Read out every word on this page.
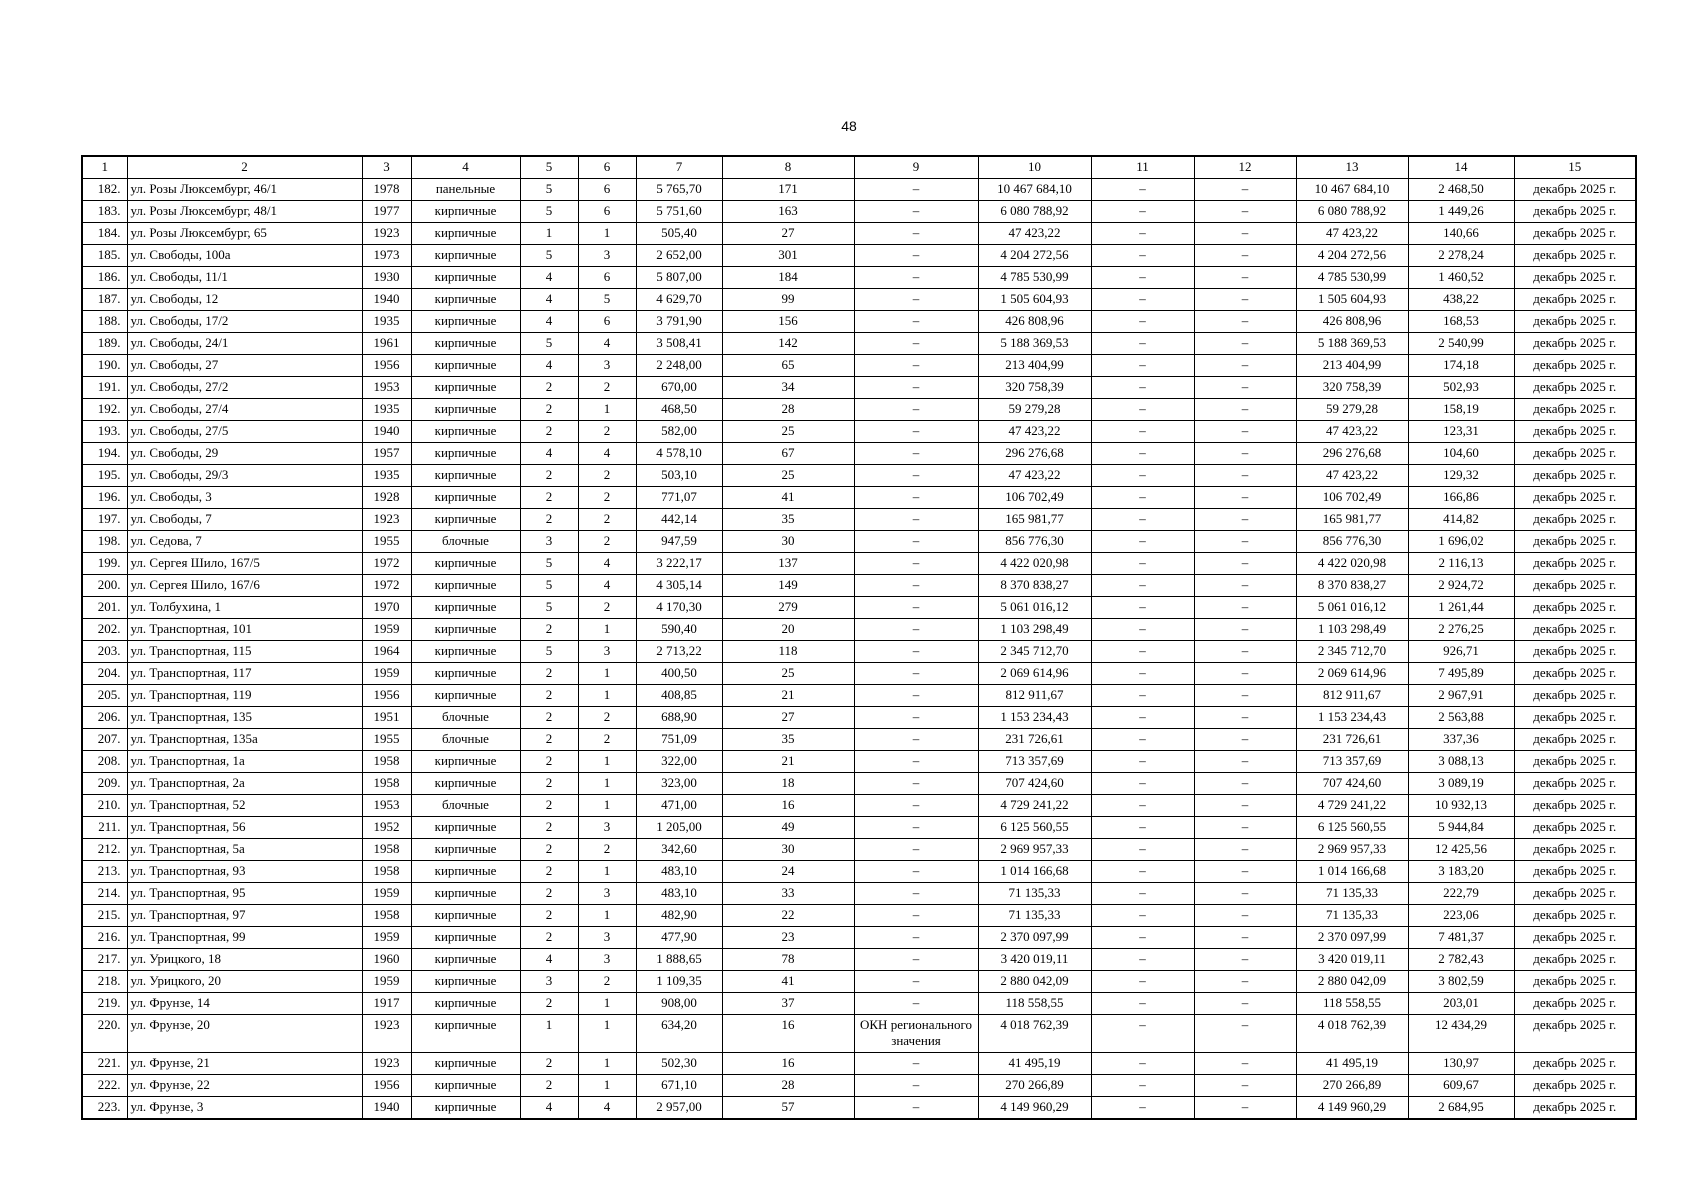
48
1	2	3	4	5	6	7	8	9	10	11	12	13	14	15
182.	ул. Розы Люксембург, 46/1	1978	панельные	5	6	5 765,70	171	–	10 467 684,10	–	–	10 467 684,10	2 468,50	декабрь 2025 г.
183.	ул. Розы Люксембург, 48/1	1977	кирпичные	5	6	5 751,60	163	–	6 080 788,92	–	–	6 080 788,92	1 449,26	декабрь 2025 г.
184.	ул. Розы Люксембург, 65	1923	кирпичные	1	1	505,40	27	–	47 423,22	–	–	47 423,22	140,66	декабрь 2025 г.
185.	ул. Свободы, 100а	1973	кирпичные	5	3	2 652,00	301	–	4 204 272,56	–	–	4 204 272,56	2 278,24	декабрь 2025 г.
186.	ул. Свободы, 11/1	1930	кирпичные	4	6	5 807,00	184	–	4 785 530,99	–	–	4 785 530,99	1 460,52	декабрь 2025 г.
187.	ул. Свободы, 12	1940	кирпичные	4	5	4 629,70	99	–	1 505 604,93	–	–	1 505 604,93	438,22	декабрь 2025 г.
188.	ул. Свободы, 17/2	1935	кирпичные	4	6	3 791,90	156	–	426 808,96	–	–	426 808,96	168,53	декабрь 2025 г.
189.	ул. Свободы, 24/1	1961	кирпичные	5	4	3 508,41	142	–	5 188 369,53	–	–	5 188 369,53	2 540,99	декабрь 2025 г.
190.	ул. Свободы, 27	1956	кирпичные	4	3	2 248,00	65	–	213 404,99	–	–	213 404,99	174,18	декабрь 2025 г.
191.	ул. Свободы, 27/2	1953	кирпичные	2	2	670,00	34	–	320 758,39	–	–	320 758,39	502,93	декабрь 2025 г.
192.	ул. Свободы, 27/4	1935	кирпичные	2	1	468,50	28	–	59 279,28	–	–	59 279,28	158,19	декабрь 2025 г.
193.	ул. Свободы, 27/5	1940	кирпичные	2	2	582,00	25	–	47 423,22	–	–	47 423,22	123,31	декабрь 2025 г.
194.	ул. Свободы, 29	1957	кирпичные	4	4	4 578,10	67	–	296 276,68	–	–	296 276,68	104,60	декабрь 2025 г.
195.	ул. Свободы, 29/3	1935	кирпичные	2	2	503,10	25	–	47 423,22	–	–	47 423,22	129,32	декабрь 2025 г.
196.	ул. Свободы, 3	1928	кирпичные	2	2	771,07	41	–	106 702,49	–	–	106 702,49	166,86	декабрь 2025 г.
197.	ул. Свободы, 7	1923	кирпичные	2	2	442,14	35	–	165 981,77	–	–	165 981,77	414,82	декабрь 2025 г.
198.	ул. Седова, 7	1955	блочные	3	2	947,59	30	–	856 776,30	–	–	856 776,30	1 696,02	декабрь 2025 г.
199.	ул. Сергея Шило, 167/5	1972	кирпичные	5	4	3 222,17	137	–	4 422 020,98	–	–	4 422 020,98	2 116,13	декабрь 2025 г.
200.	ул. Сергея Шило, 167/6	1972	кирпичные	5	4	4 305,14	149	–	8 370 838,27	–	–	8 370 838,27	2 924,72	декабрь 2025 г.
201.	ул. Толбухина, 1	1970	кирпичные	5	2	4 170,30	279	–	5 061 016,12	–	–	5 061 016,12	1 261,44	декабрь 2025 г.
202.	ул. Транспортная, 101	1959	кирпичные	2	1	590,40	20	–	1 103 298,49	–	–	1 103 298,49	2 276,25	декабрь 2025 г.
203.	ул. Транспортная, 115	1964	кирпичные	5	3	2 713,22	118	–	2 345 712,70	–	–	2 345 712,70	926,71	декабрь 2025 г.
204.	ул. Транспортная, 117	1959	кирпичные	2	1	400,50	25	–	2 069 614,96	–	–	2 069 614,96	7 495,89	декабрь 2025 г.
205.	ул. Транспортная, 119	1956	кирпичные	2	1	408,85	21	–	812 911,67	–	–	812 911,67	2 967,91	декабрь 2025 г.
206.	ул. Транспортная, 135	1951	блочные	2	2	688,90	27	–	1 153 234,43	–	–	1 153 234,43	2 563,88	декабрь 2025 г.
207.	ул. Транспортная, 135а	1955	блочные	2	2	751,09	35	–	231 726,61	–	–	231 726,61	337,36	декабрь 2025 г.
208.	ул. Транспортная, 1а	1958	кирпичные	2	1	322,00	21	–	713 357,69	–	–	713 357,69	3 088,13	декабрь 2025 г.
209.	ул. Транспортная, 2а	1958	кирпичные	2	1	323,00	18	–	707 424,60	–	–	707 424,60	3 089,19	декабрь 2025 г.
210.	ул. Транспортная, 52	1953	блочные	2	1	471,00	16	–	4 729 241,22	–	–	4 729 241,22	10 932,13	декабрь 2025 г.
211.	ул. Транспортная, 56	1952	кирпичные	2	3	1 205,00	49	–	6 125 560,55	–	–	6 125 560,55	5 944,84	декабрь 2025 г.
212.	ул. Транспортная, 5а	1958	кирпичные	2	2	342,60	30	–	2 969 957,33	–	–	2 969 957,33	12 425,56	декабрь 2025 г.
213.	ул. Транспортная, 93	1958	кирпичные	2	1	483,10	24	–	1 014 166,68	–	–	1 014 166,68	3 183,20	декабрь 2025 г.
214.	ул. Транспортная, 95	1959	кирпичные	2	3	483,10	33	–	71 135,33	–	–	71 135,33	222,79	декабрь 2025 г.
215.	ул. Транспортная, 97	1958	кирпичные	2	1	482,90	22	–	71 135,33	–	–	71 135,33	223,06	декабрь 2025 г.
216.	ул. Транспортная, 99	1959	кирпичные	2	3	477,90	23	–	2 370 097,99	–	–	2 370 097,99	7 481,37	декабрь 2025 г.
217.	ул. Урицкого, 18	1960	кирпичные	4	3	1 888,65	78	–	3 420 019,11	–	–	3 420 019,11	2 782,43	декабрь 2025 г.
218.	ул. Урицкого, 20	1959	кирпичные	3	2	1 109,35	41	–	2 880 042,09	–	–	2 880 042,09	3 802,59	декабрь 2025 г.
219.	ул. Фрунзе, 14	1917	кирпичные	2	1	908,00	37	–	118 558,55	–	–	118 558,55	203,01	декабрь 2025 г.
220.	ул. Фрунзе, 20	1923	кирпичные	1	1	634,20	16	ОКН регионального значения	4 018 762,39	–	–	4 018 762,39	12 434,29	декабрь 2025 г.
221.	ул. Фрунзе, 21	1923	кирпичные	2	1	502,30	16	–	41 495,19	–	–	41 495,19	130,97	декабрь 2025 г.
222.	ул. Фрунзе, 22	1956	кирпичные	2	1	671,10	28	–	270 266,89	–	–	270 266,89	609,67	декабрь 2025 г.
223.	ул. Фрунзе, 3	1940	кирпичные	4	4	2 957,00	57	–	4 149 960,29	–	–	4 149 960,29	2 684,95	декабрь 2025 г.
